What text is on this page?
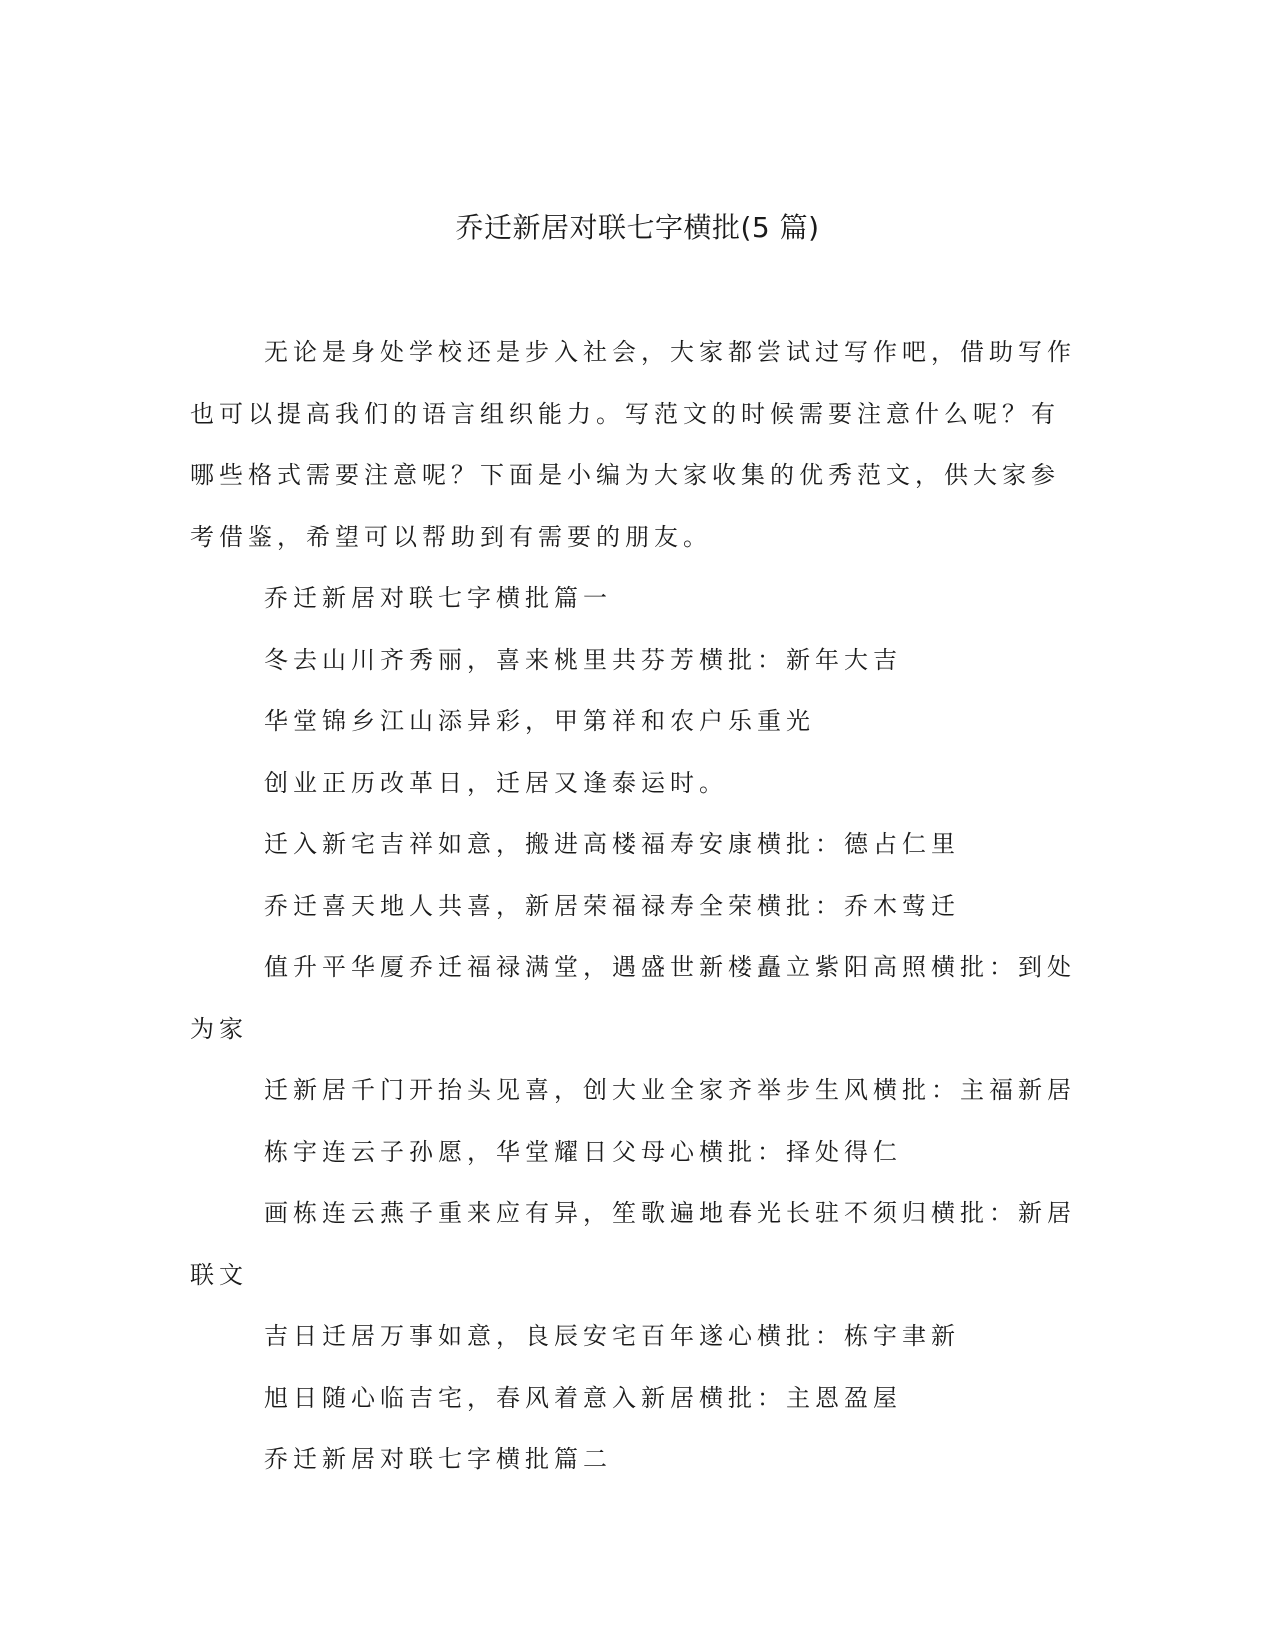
乔迁新居对联七字横批(5 篇)

无论是身处学校还是步入社会，大家都尝试过写作吧，借助写作也可以提高我们的语言组织能力。写范文的时候需要注意什么呢？有哪些格式需要注意呢？下面是小编为大家收集的优秀范文，供大家参考借鉴，希望可以帮助到有需要的朋友。

乔迁新居对联七字横批篇一

冬去山川齐秀丽，喜来桃里共芬芳横批：新年大吉

华堂锦乡江山添异彩，甲第祥和农户乐重光

创业正历改革日，迁居又逢泰运时。

迁入新宅吉祥如意，搬进高楼福寿安康横批：德占仁里

乔迁喜天地人共喜，新居荣福禄寿全荣横批：乔木莺迁

值升平华厦乔迁福禄满堂，遇盛世新楼矗立紫阳高照横批：到处为家

迁新居千门开抬头见喜，创大业全家齐举步生风横批：主福新居

栋宇连云子孙愿，华堂耀日父母心横批：择处得仁

画栋连云燕子重来应有异，笙歌遍地春光长驻不须归横批：新居联文

吉日迁居万事如意，良辰安宅百年遂心横批：栋宇聿新

旭日随心临吉宅，春风着意入新居横批：主恩盈屋

乔迁新居对联七字横批篇二
